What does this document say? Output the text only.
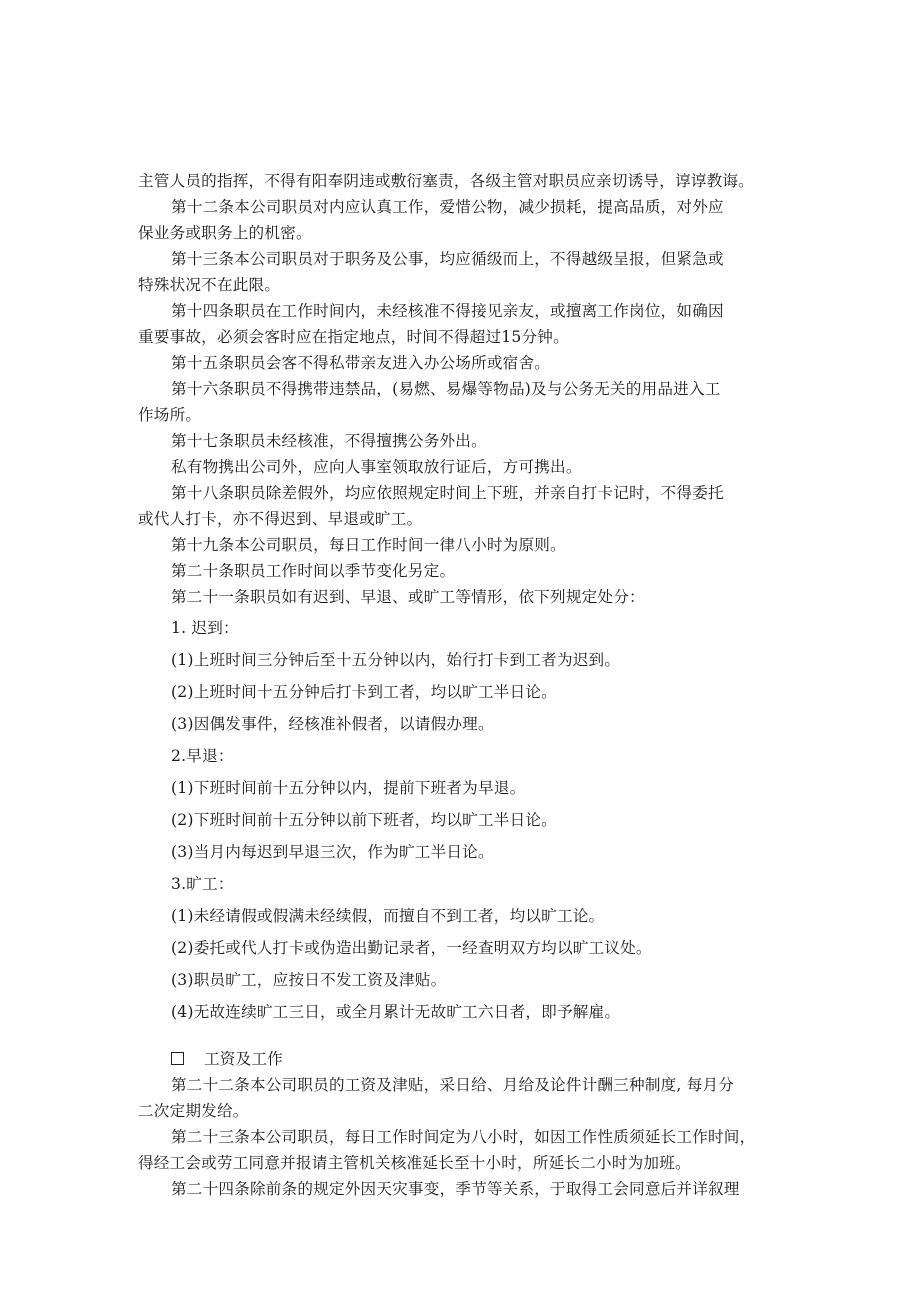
主管人员的指挥，不得有阳奉阴违或敷衍塞责，各级主管对职员应亲切诱导，谆谆教诲。
第十二条本公司职员对内应认真工作，爱惜公物，减少损耗，提高品质，对外应
保业务或职务上的机密。
第十三条本公司职员对于职务及公事，均应循级而上，不得越级呈报，但紧急或
特殊状况不在此限。
第十四条职员在工作时间内，未经核准不得接见亲友，或擅离工作岗位，如确因
重要事故，必须会客时应在指定地点，时间不得超过15分钟。
第十五条职员会客不得私带亲友进入办公场所或宿舍。
第十六条职员不得携带违禁品，(易燃、易爆等物品)及与公务无关的用品进入工
作场所。
第十七条职员未经核准，不得擅携公务外出。
私有物携出公司外，应向人事室领取放行证后，方可携出。
第十八条职员除差假外，均应依照规定时间上下班，并亲自打卡记时，不得委托
或代人打卡，亦不得迟到、早退或旷工。
第十九条本公司职员，每日工作时间一律八小时为原则。
第二十条职员工作时间以季节变化另定。
第二十一条职员如有迟到、早退、或旷工等情形，依下列规定处分：
1. 迟到：
(1)上班时间三分钟后至十五分钟以内，始行打卡到工者为迟到。
(2)上班时间十五分钟后打卡到工者，均以旷工半日论。
(3)因偶发事件，经核准补假者，以请假办理。
2.早退：
(1)下班时间前十五分钟以内，提前下班者为早退。
(2)下班时间前十五分钟以前下班者，均以旷工半日论。
(3)当月内每迟到早退三次，作为旷工半日论。
3.旷工：
(1)未经请假或假满未经续假，而擅自不到工者，均以旷工论。
(2)委托或代人打卡或伪造出勤记录者，一经查明双方均以旷工议处。
(3)职员旷工，应按日不发工资及津贴。
(4)无故连续旷工三日，或全月累计无故旷工六日者，即予解雇。
工资及工作
第二十二条本公司职员的工资及津贴，采日给、月给及论件计酬三种制度, 每月分
二次定期发给。
第二十三条本公司职员，每日工作时间定为八小时，如因工作性质须延长工作时间，
得经工会或劳工同意并报请主管机关核准延长至十小时，所延长二小时为加班。
第二十四条除前条的规定外因天灾事变，季节等关系，于取得工会同意后并详叙理
